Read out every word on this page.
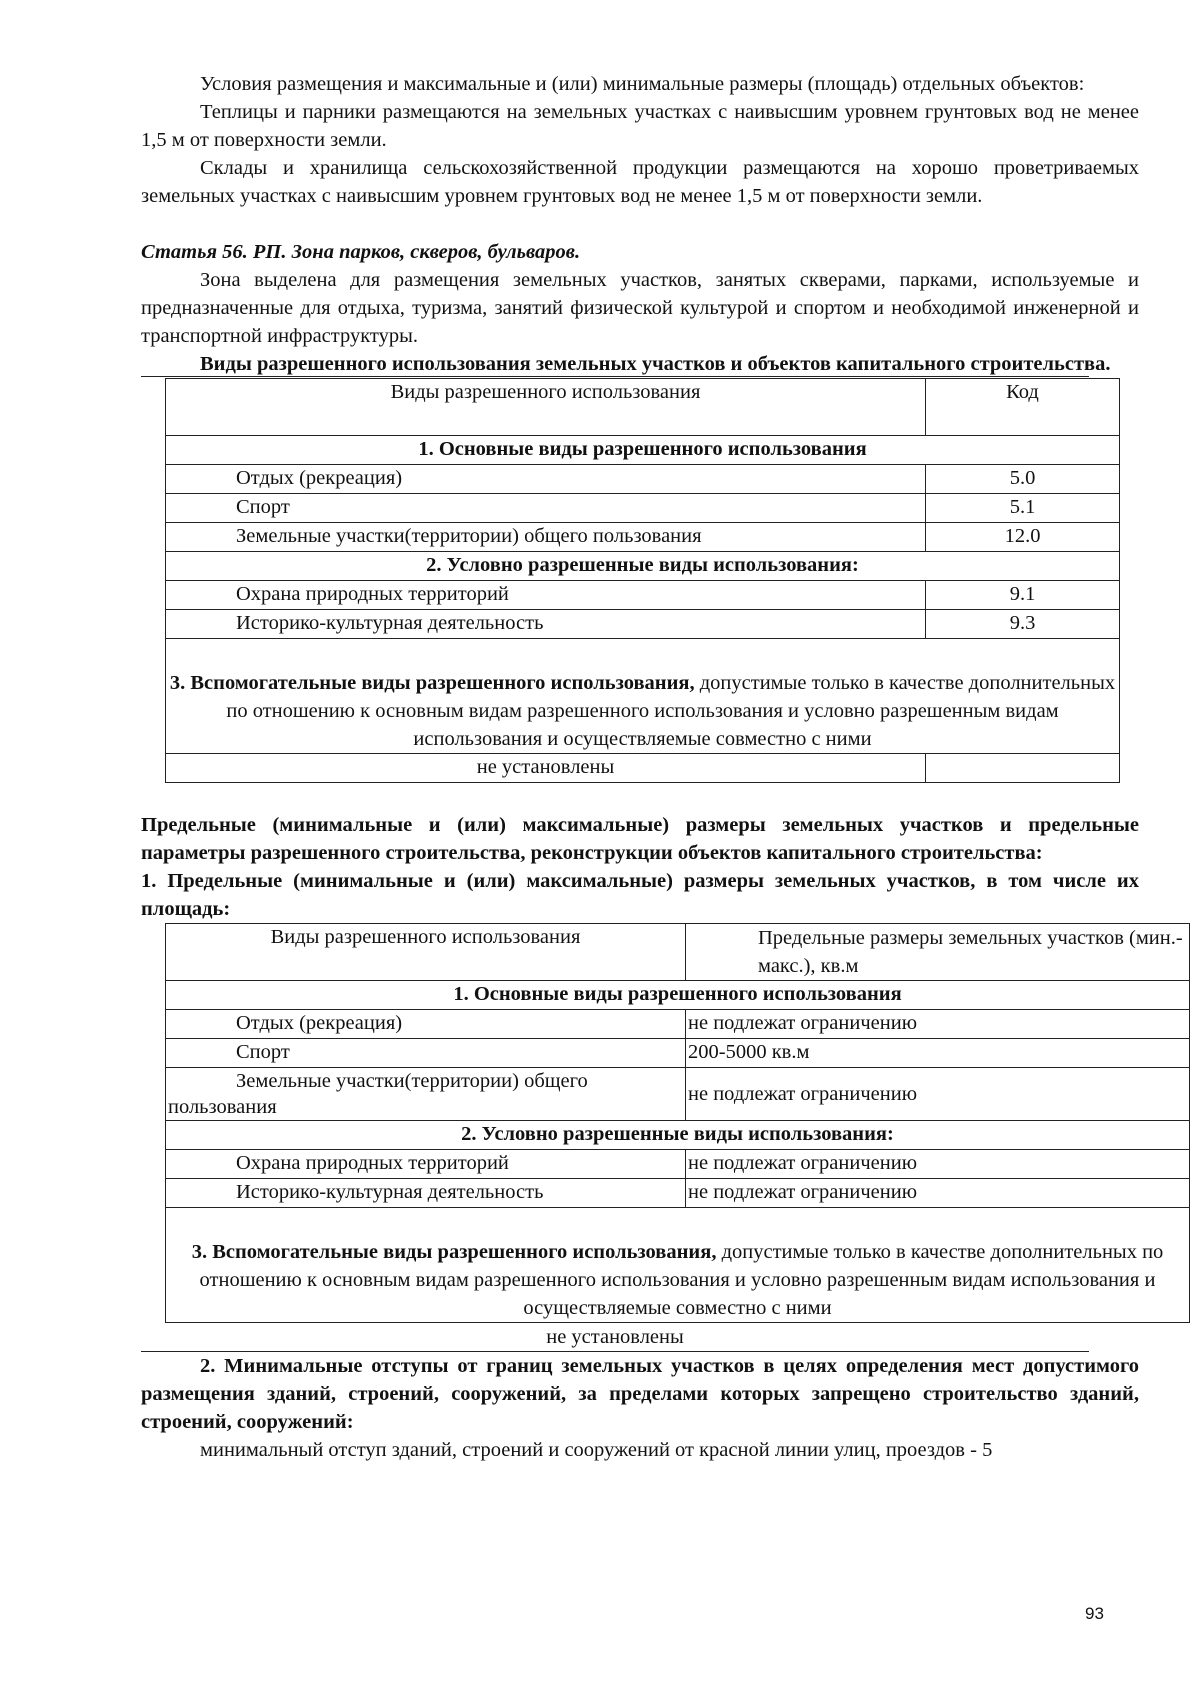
Условия размещения и максимальные и (или) минимальные размеры (площадь) отдельных объектов:

Теплицы и парники размещаются на земельных участках с наивысшим уровнем грунтовых вод не менее 1,5 м от поверхности земли.

Склады и хранилища сельскохозяйственной продукции размещаются на хорошо проветриваемых земельных участках с наивысшим уровнем грунтовых вод не менее 1,5 м от поверхности земли.

Статья 56. РП. Зона парков, скверов, бульваров.

Зона выделена для размещения земельных участков, занятых скверами, парками, используемые и предназначенные для отдыха, туризма, занятий физической культурой и спортом и необходимой инженерной и транспортной инфраструктуры.

Виды разрешенного использования земельных участков и объектов капитального строительства.

Виды разрешенного использования	Код
1. Основные виды разрешенного использования	
Отдых (рекреация)	5.0
Спорт	5.1
Земельные участки(территории) общего пользования	12.0
2. Условно разрешенные виды использования:	
Охрана природных территорий	9.1
Историко-культурная деятельность	9.3
3. Вспомогательные виды разрешенного использования, допустимые только в качестве дополнительных по отношению к основным видам разрешенного использования и условно разрешенным видам использования и осуществляемые совместно с ними	
не установлены	

Предельные (минимальные и (или) максимальные) размеры земельных участков и предельные параметры разрешенного строительства, реконструкции объектов капитального строительства:

1. Предельные (минимальные и (или) максимальные) размеры земельных участков, в том числе их площадь:

Виды разрешенного использования	Предельные размеры земельных участков (мин.-макс.), кв.м
1. Основные виды разрешенного использования	
Отдых (рекреация)	не подлежат ограничению
Спорт	200-5000 кв.м
Земельные участки(территории) общего пользования	не подлежат ограничению
2. Условно разрешенные виды использования:	
Охрана природных территорий	не подлежат ограничению
Историко-культурная деятельность	не подлежат ограничению
3. Вспомогательные виды разрешенного использования, допустимые только в качестве дополнительных по отношению к основным видам разрешенного использования и условно разрешенным видам использования и осуществляемые совместно с ними	
не установлены

2. Минимальные отступы от границ земельных участков в целях определения мест допустимого размещения зданий, строений, сооружений, за пределами которых запрещено строительство зданий, строений, сооружений:

минимальный отступ зданий, строений и сооружений от красной линии улиц, проездов - 5

93
